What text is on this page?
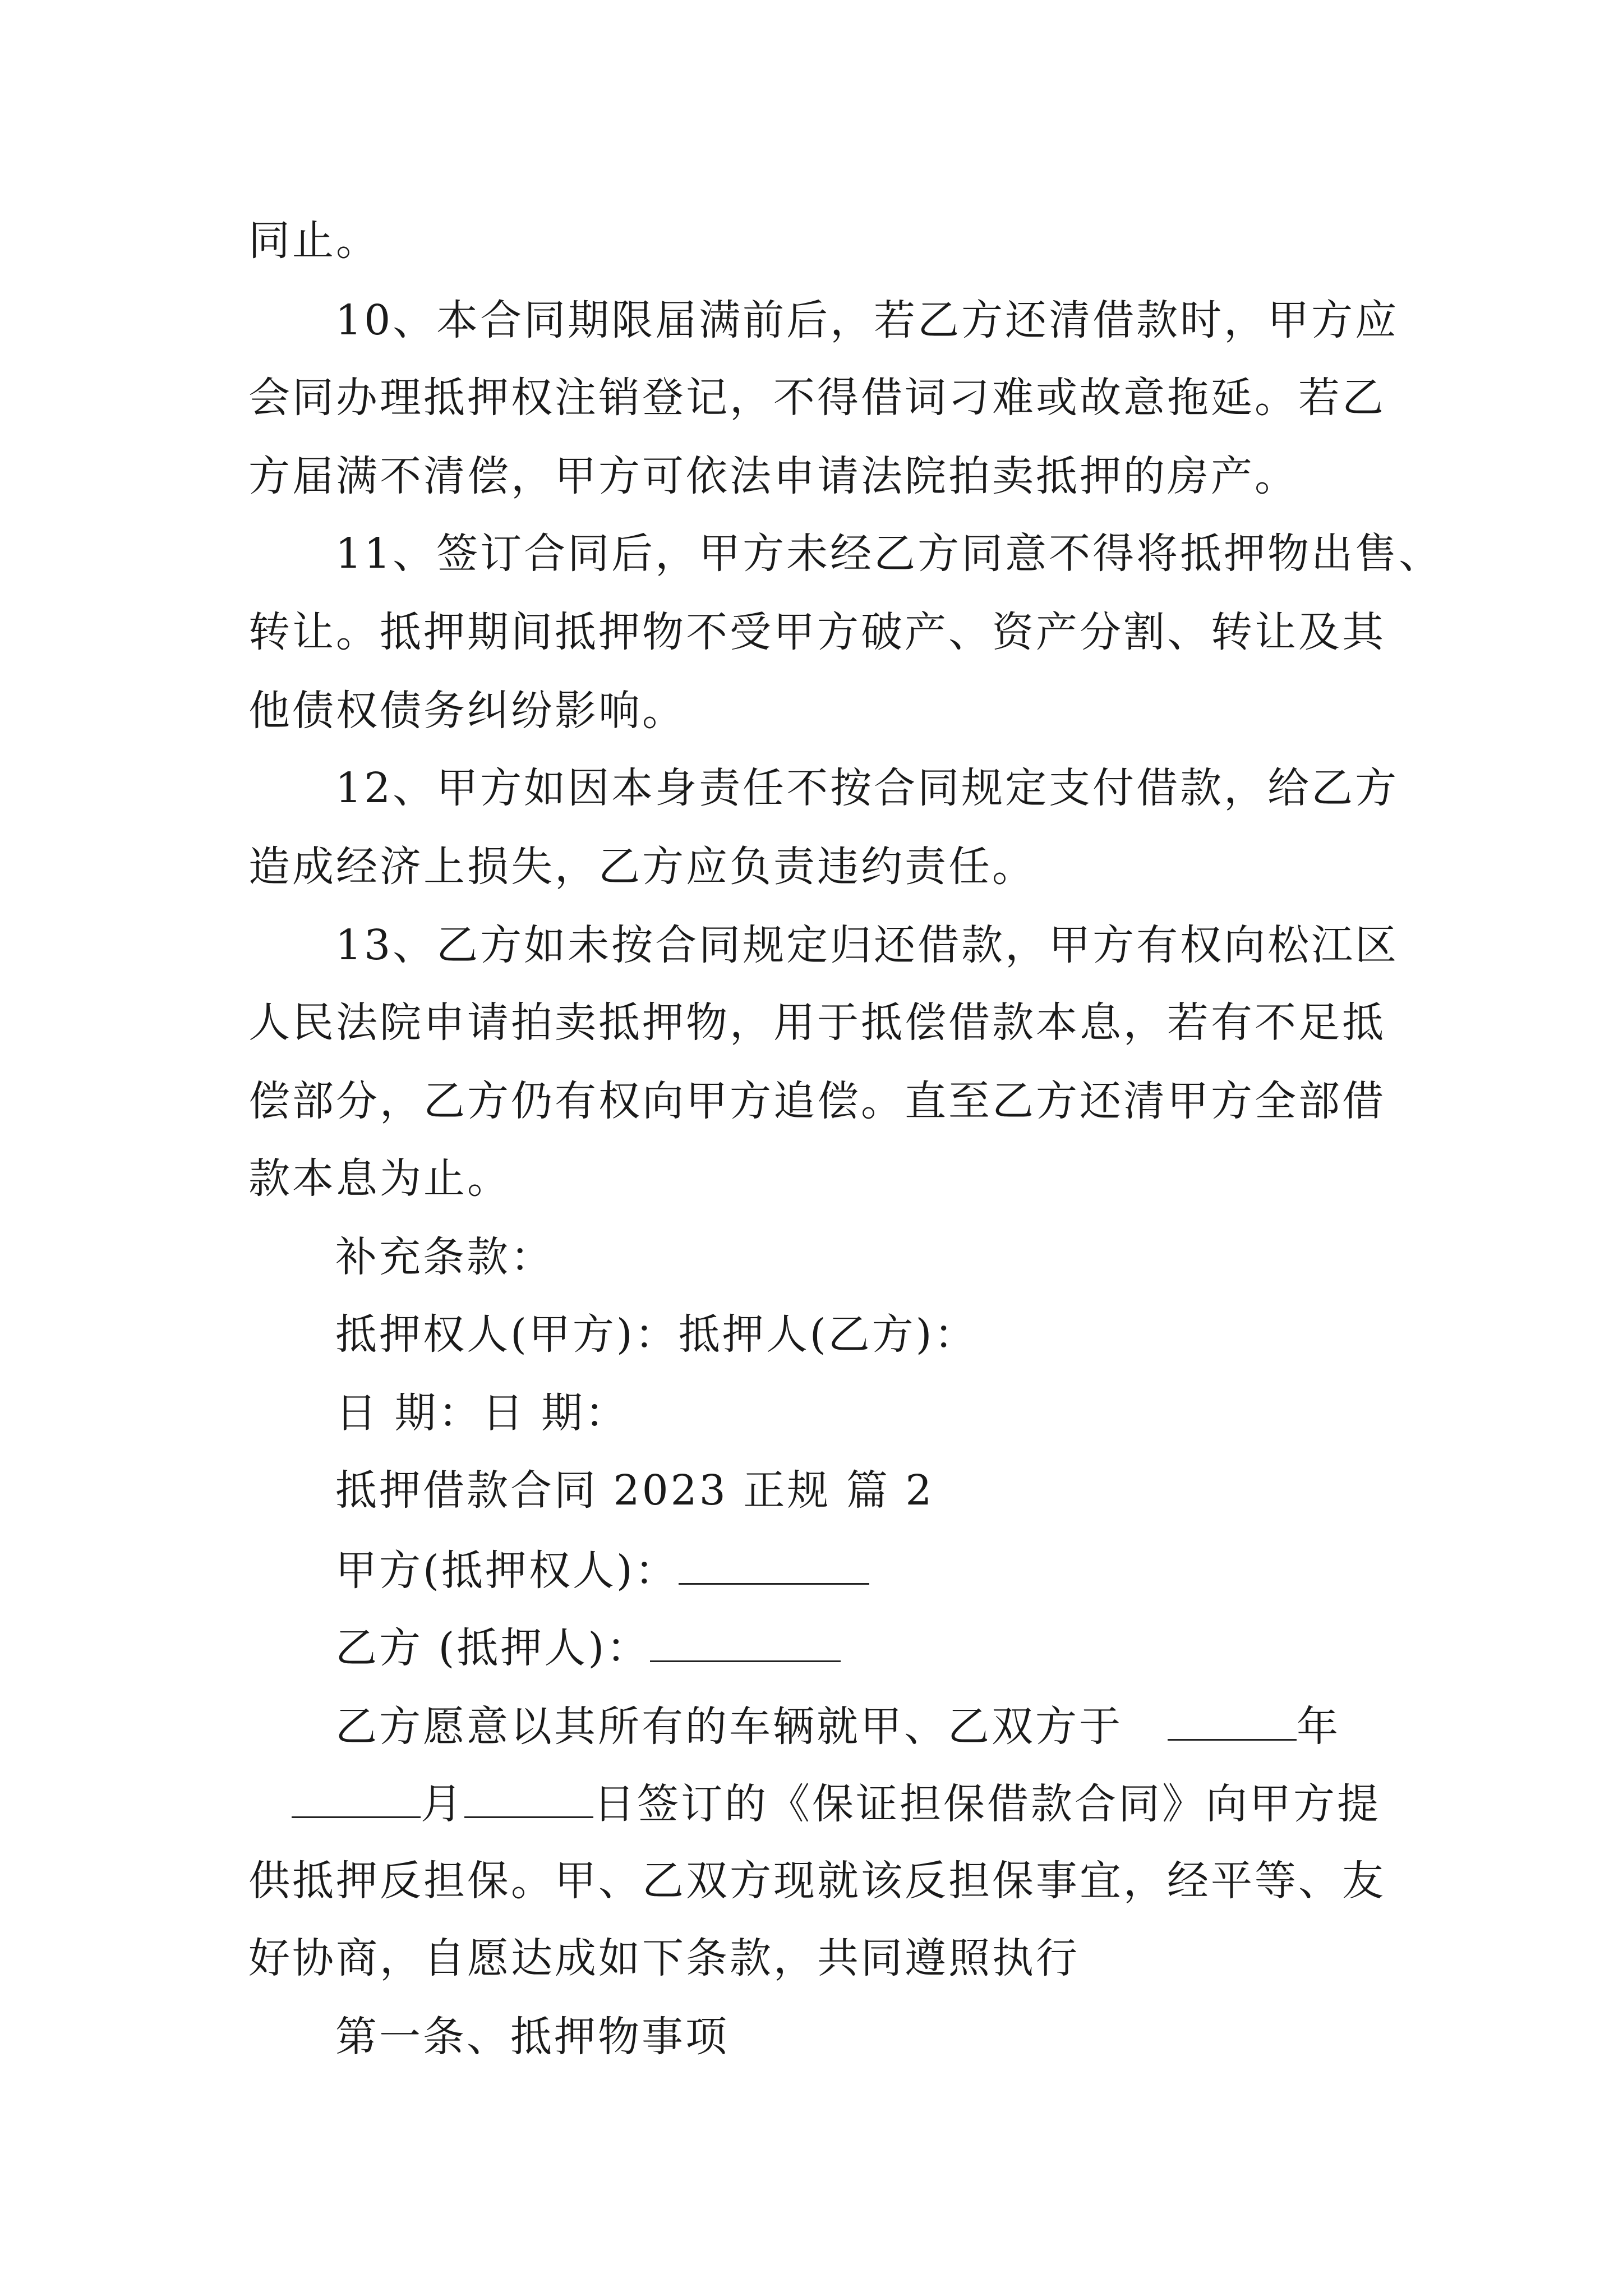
同止。
10、本合同期限届满前后，若乙方还清借款时，甲方应
会同办理抵押权注销登记，不得借词刁难或故意拖延。若乙
方届满不清偿，甲方可依法申请法院拍卖抵押的房产。
11、签订合同后，甲方未经乙方同意不得将抵押物出售、
转让。抵押期间抵押物不受甲方破产、资产分割、转让及其
他债权债务纠纷影响。
12、甲方如因本身责任不按合同规定支付借款，给乙方
造成经济上损失，乙方应负责违约责任。
13、乙方如未按合同规定归还借款，甲方有权向松江区
人民法院申请拍卖抵押物，用于抵偿借款本息，若有不足抵
偿部分，乙方仍有权向甲方追偿。直至乙方还清甲方全部借
款本息为止。
补充条款：
抵押权人(甲方)：抵押人(乙方)：
日 期：日 期：
抵押借款合同 2023 正规 篇 2
甲方(抵押权人)：
乙方 (抵押人)：
乙方愿意以其所有的车辆就甲、乙双方于	年
月	日签订的《保证担保借款合同》向甲方提
供抵押反担保。甲、乙双方现就该反担保事宜，经平等、友
好协商，自愿达成如下条款，共同遵照执行
第一条、抵押物事项
